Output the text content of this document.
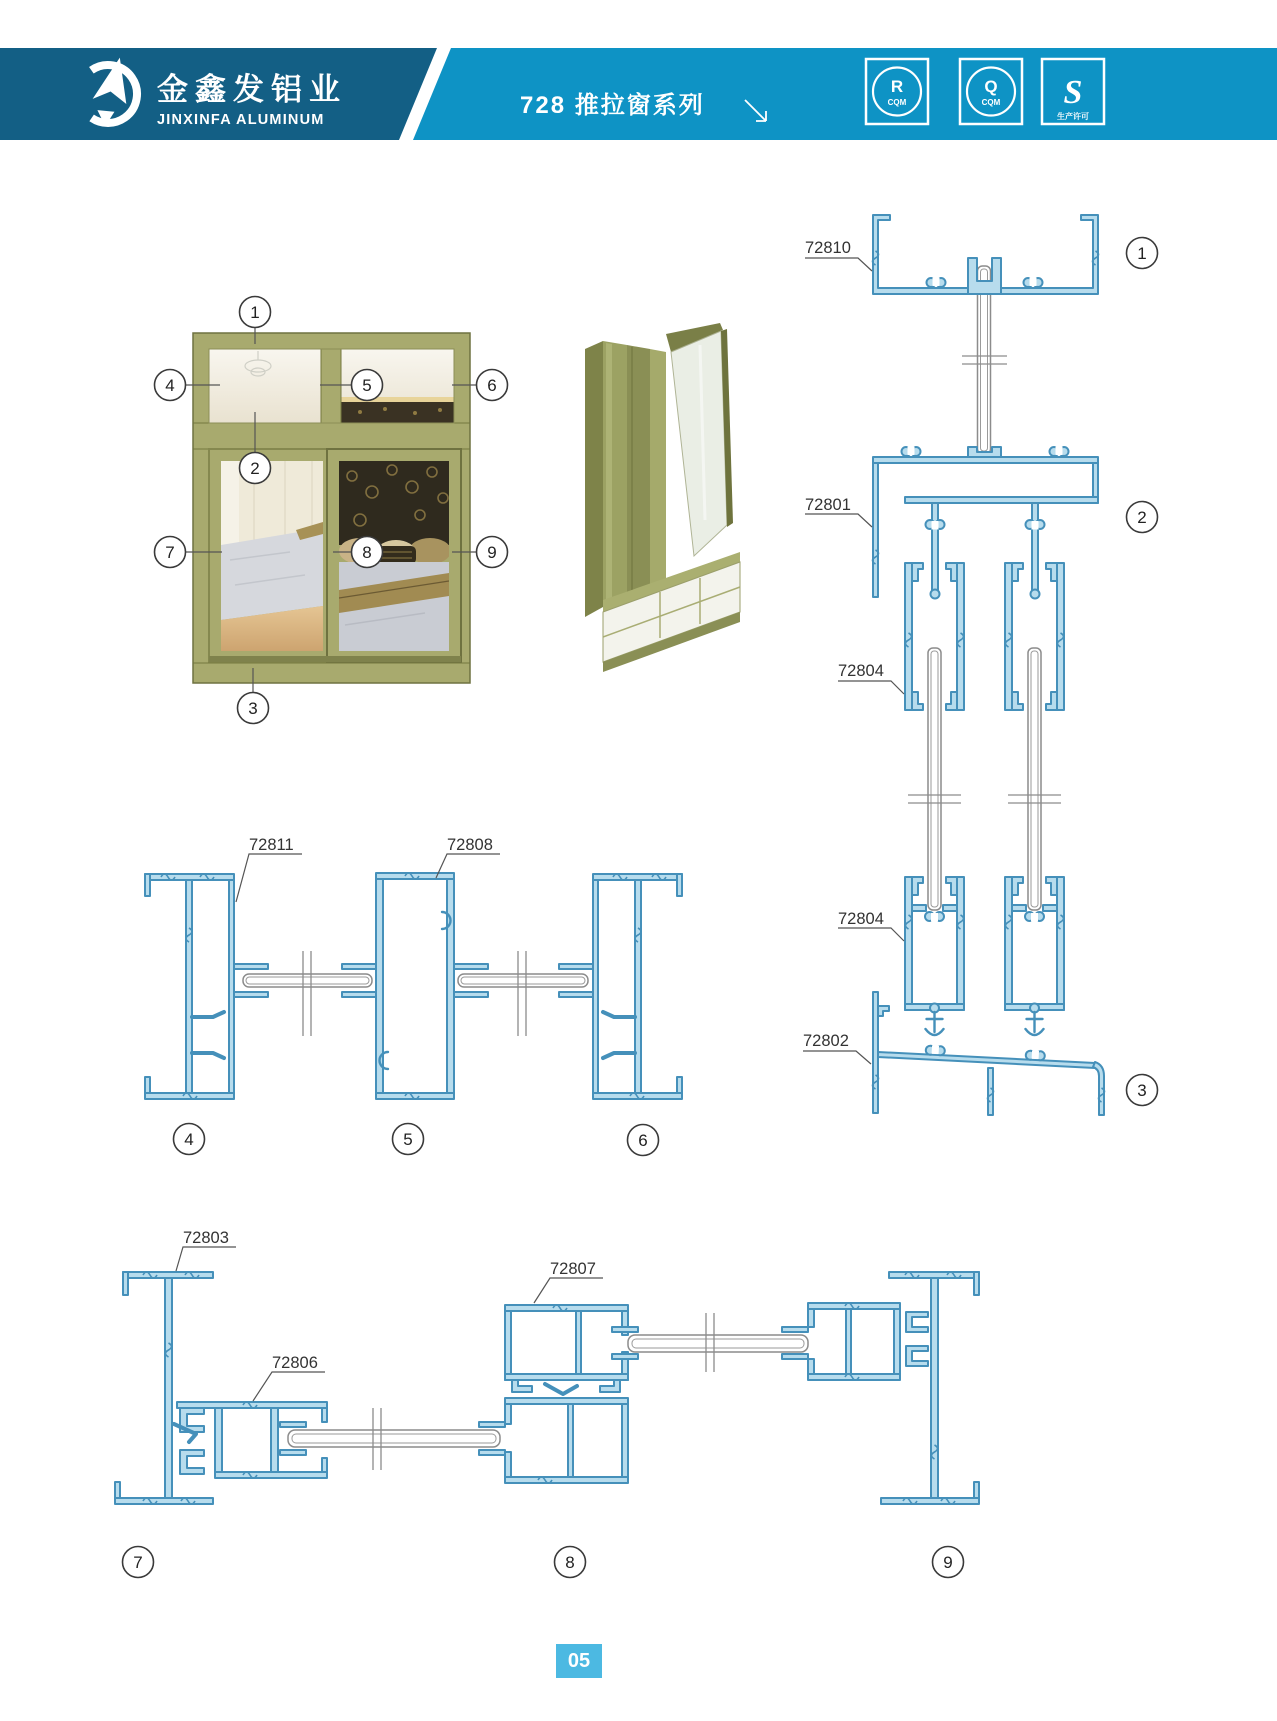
金鑫发铝业
JINXINFA ALUMINUM
728 推拉窗系列
R
CQM
Q
CQM S
生产许可
1
2
3
4	5	6
7	8	9
72810
72801
72804
72804
72802
1
2
3
72811	72808
4	5	6
72803
72806
72807
7	8	9
05
